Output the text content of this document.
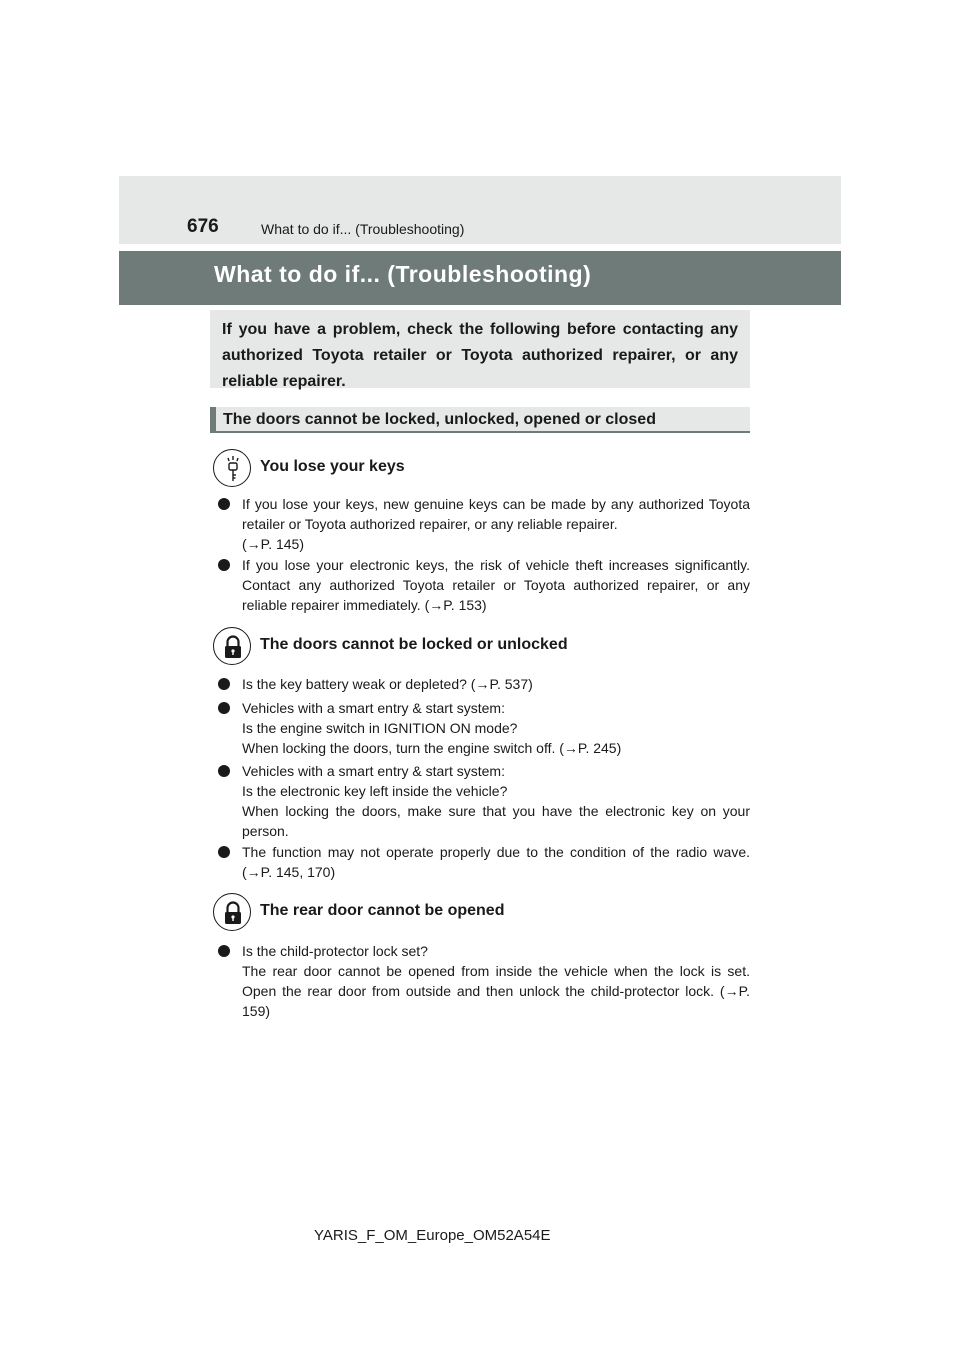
676	What to do if... (Troubleshooting)
What to do if... (Troubleshooting)
If you have a problem, check the following before contacting any authorized Toyota retailer or Toyota authorized repairer, or any reliable repairer.
The doors cannot be locked, unlocked, opened or closed
You lose your keys
If you lose your keys, new genuine keys can be made by any authorized Toyota retailer or Toyota authorized repairer, or any reliable repairer.
(→P. 145)
If you lose your electronic keys, the risk of vehicle theft increases significantly. Contact any authorized Toyota retailer or Toyota authorized repairer, or any reliable repairer immediately. (→P. 153)
The doors cannot be locked or unlocked
Is the key battery weak or depleted? (→P. 537)
Vehicles with a smart entry & start system:
Is the engine switch in IGNITION ON mode?
When locking the doors, turn the engine switch off. (→P. 245)
Vehicles with a smart entry & start system:
Is the electronic key left inside the vehicle?
When locking the doors, make sure that you have the electronic key on your person.
The function may not operate properly due to the condition of the radio wave. (→P. 145, 170)
The rear door cannot be opened
Is the child-protector lock set?
The rear door cannot be opened from inside the vehicle when the lock is set. Open the rear door from outside and then unlock the child-protector lock. (→P. 159)
YARIS_F_OM_Europe_OM52A54E
